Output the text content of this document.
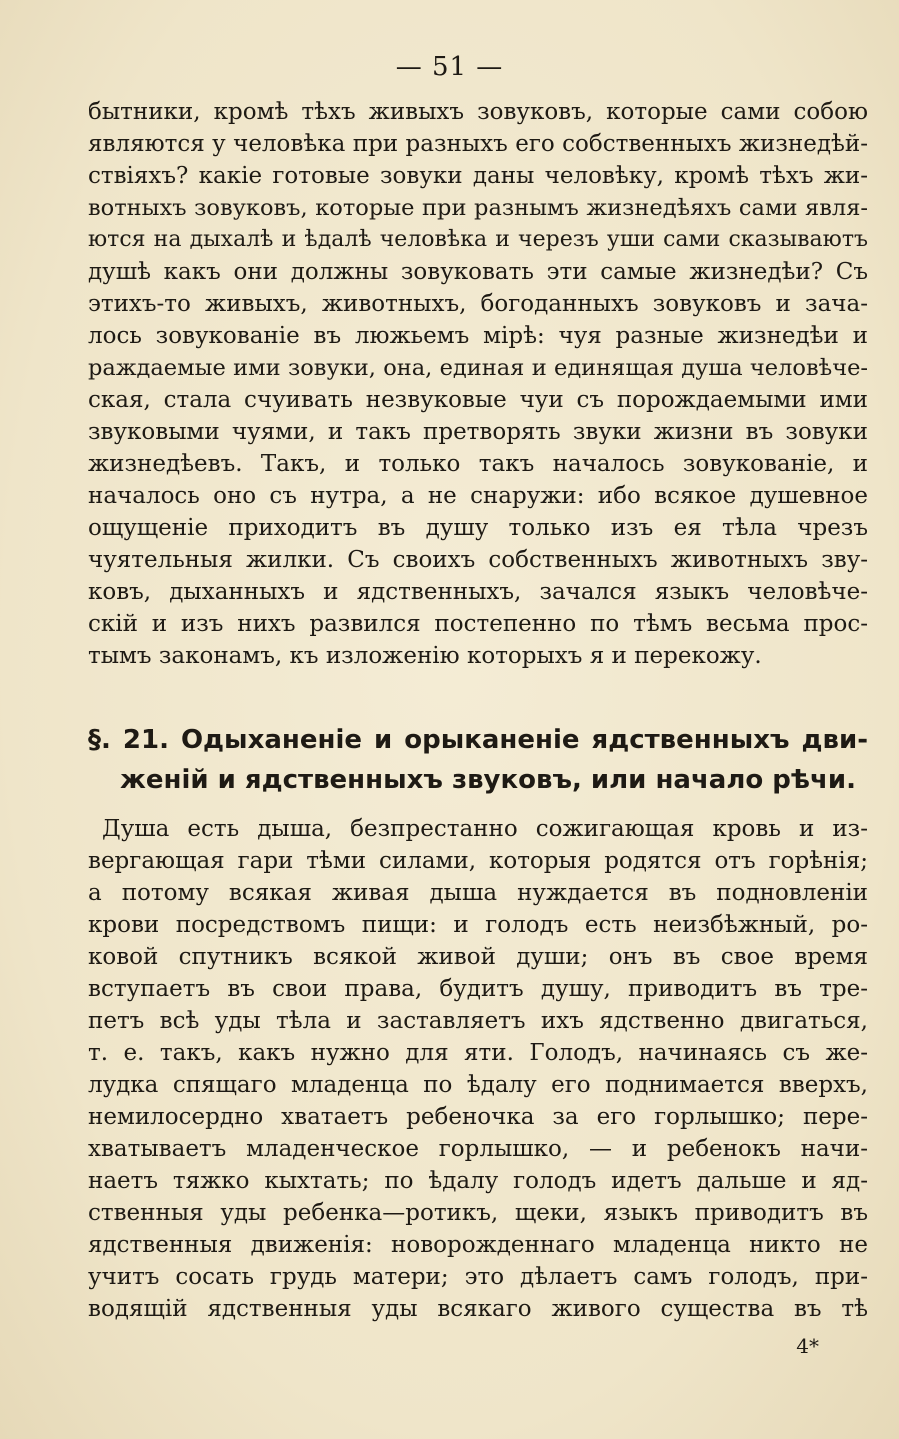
— 51 —
бытники, кромѣ тѣхъ живыхъ зовуковъ, которые сами собою
являются у человѣка при разныхъ его собственныхъ жизнедѣй-
ствіяхъ? какіе готовые зовуки даны человѣку, кромѣ тѣхъ жи-
вотныхъ зовуковъ, которые при разнымъ жизнедѣяхъ сами явля-
ются на дыхалѣ и ѣдалѣ человѣка и черезъ уши сами сказываютъ
душѣ какъ они должны зовуковать эти самые жизнедѣи? Съ
этихъ-то живыхъ, животныхъ, богоданныхъ зовуковъ и зача-
лось зовукованіе въ люжьемъ мірѣ: чуя разные жизнедѣи и
раждаемые ими зовуки, она, единая и единящая душа человѣче-
ская, стала счуивать незвуковые чуи съ порождаемыми ими
звуковыми чуями, и такъ претворять звуки жизни въ зовуки
жизнедѣевъ. Такъ, и только такъ началось зовукованіе, и
началось оно съ нутра, а не снаружи: ибо всякое душевное
ощущеніе приходитъ въ душу только изъ ея тѣла чрезъ
чуятельныя жилки. Съ своихъ собственныхъ животныхъ зву-
ковъ, дыханныхъ и ядственныхъ, зачался языкъ человѣче-
скій и изъ нихъ развился постепенно по тѣмъ весьма прос-
тымъ законамъ, къ изложенію которыхъ я и перекожу.
§. 21. Одыханеніе и орыканеніе ядственныхъ дви-
женій и ядственныхъ звуковъ, или начало рѣчи.
Душа есть дыша, безпрестанно сожигающая кровь и из-
вергающая гари тѣми силами, которыя родятся отъ горѣнія;
а потому всякая живая дыша нуждается въ подновленіи
крови посредствомъ пищи: и голодъ есть неизбѣжный, ро-
ковой спутникъ всякой живой души; онъ въ свое время
вступаетъ въ свои права, будитъ душу, приводитъ въ тре-
петъ всѣ уды тѣла и заставляетъ ихъ ядственно двигаться,
т. е. такъ, какъ нужно для яти. Голодъ, начинаясь съ же-
лудка спящаго младенца по ѣдалу его поднимается вверхъ,
немилосердно хватаетъ ребеночка за его горлышко; пере-
хватываетъ младенческое горлышко, — и ребенокъ начи-
наетъ тяжко кыхтать; по ѣдалу голодъ идетъ дальше и яд-
ственныя уды ребенка—ротикъ, щеки, языкъ приводитъ въ
ядственныя движенія: новорожденнаго младенца никто не
учитъ сосать грудь матери; это дѣлаетъ самъ голодъ, при-
водящій ядственныя уды всякаго живого существа въ тѣ
4*
